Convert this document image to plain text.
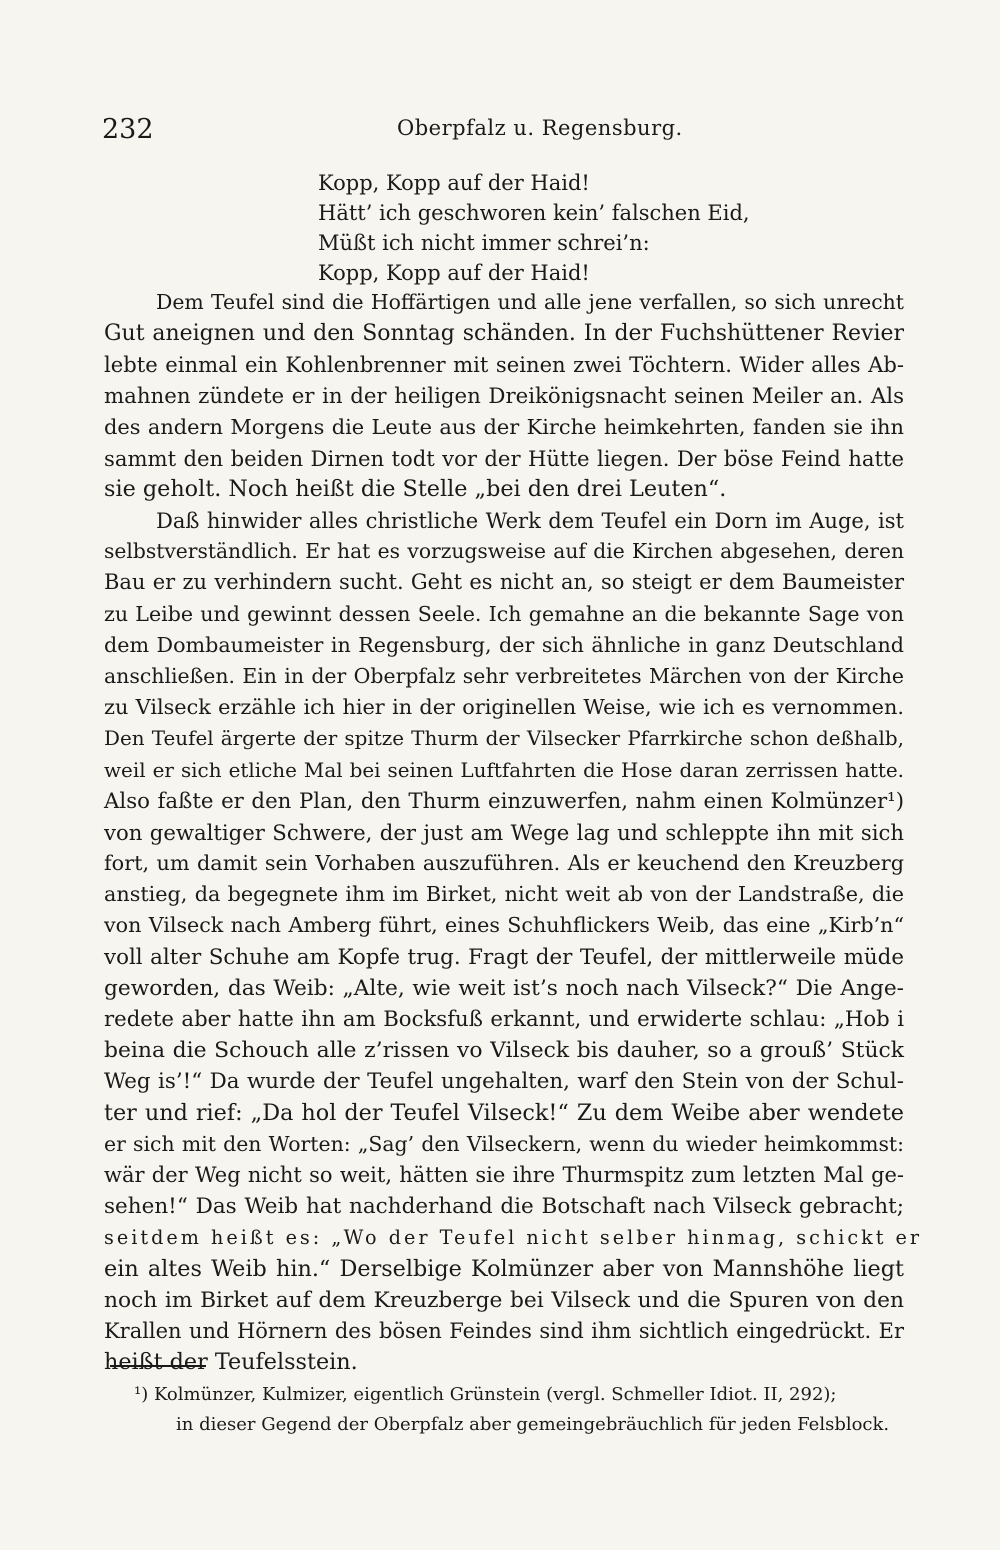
232	Oberpfalz u. Regensburg.
Kopp, Kopp auf der Haid!
Hätt’ ich geschworen kein’ falschen Eid,
Müßt ich nicht immer schrei’n:
Kopp, Kopp auf der Haid!
Dem Teufel sind die Hoffärtigen und alle jene verfallen, so sich unrecht
Gut aneignen und den Sonntag schänden. In der Fuchshüttener Revier
lebte einmal ein Kohlenbrenner mit seinen zwei Töchtern. Wider alles Ab-
mahnen zündete er in der heiligen Dreikönigsnacht seinen Meiler an. Als
des andern Morgens die Leute aus der Kirche heimkehrten, fanden sie ihn
sammt den beiden Dirnen todt vor der Hütte liegen. Der böse Feind hatte
sie geholt. Noch heißt die Stelle „bei den drei Leuten“.
Daß hinwider alles christliche Werk dem Teufel ein Dorn im Auge, ist
selbstverständlich. Er hat es vorzugsweise auf die Kirchen abgesehen, deren
Bau er zu verhindern sucht. Geht es nicht an, so steigt er dem Baumeister
zu Leibe und gewinnt dessen Seele. Ich gemahne an die bekannte Sage von
dem Dombaumeister in Regensburg, der sich ähnliche in ganz Deutschland
anschließen. Ein in der Oberpfalz sehr verbreitetes Märchen von der Kirche
zu Vilseck erzähle ich hier in der originellen Weise, wie ich es vernommen.
Den Teufel ärgerte der spitze Thurm der Vilsecker Pfarrkirche schon deßhalb,
weil er sich etliche Mal bei seinen Luftfahrten die Hose daran zerrissen hatte.
Also faßte er den Plan, den Thurm einzuwerfen, nahm einen Kolmünzer¹)
von gewaltiger Schwere, der just am Wege lag und schleppte ihn mit sich
fort, um damit sein Vorhaben auszuführen. Als er keuchend den Kreuzberg
anstieg, da begegnete ihm im Birket, nicht weit ab von der Landstraße, die
von Vilseck nach Amberg führt, eines Schuhflickers Weib, das eine „Kirb’n“
voll alter Schuhe am Kopfe trug. Fragt der Teufel, der mittlerweile müde
geworden, das Weib: „Alte, wie weit ist’s noch nach Vilseck?“ Die Ange-
redete aber hatte ihn am Bocksfuß erkannt, und erwiderte schlau: „Hob i
beina die Schouch alle z’rissen vo Vilseck bis dauher, so a grouß’ Stück
Weg is’!“ Da wurde der Teufel ungehalten, warf den Stein von der Schul-
ter und rief: „Da hol der Teufel Vilseck!“ Zu dem Weibe aber wendete
er sich mit den Worten: „Sag’ den Vilseckern, wenn du wieder heimkommst:
wär der Weg nicht so weit, hätten sie ihre Thurmspitz zum letzten Mal ge-
sehen!“ Das Weib hat nachderhand die Botschaft nach Vilseck gebracht;
seitdem heißt es: „Wo der Teufel nicht selber hinmag, schickt er
ein altes Weib hin.“ Derselbige Kolmünzer aber von Mannshöhe liegt
noch im Birket auf dem Kreuzberge bei Vilseck und die Spuren von den
Krallen und Hörnern des bösen Feindes sind ihm sichtlich eingedrückt. Er
heißt der Teufelsstein.
¹) Kolmünzer, Kulmizer, eigentlich Grünstein (vergl. Schmeller Idiot. II, 292);
in dieser Gegend der Oberpfalz aber gemeingebräuchlich für jeden Felsblock.
